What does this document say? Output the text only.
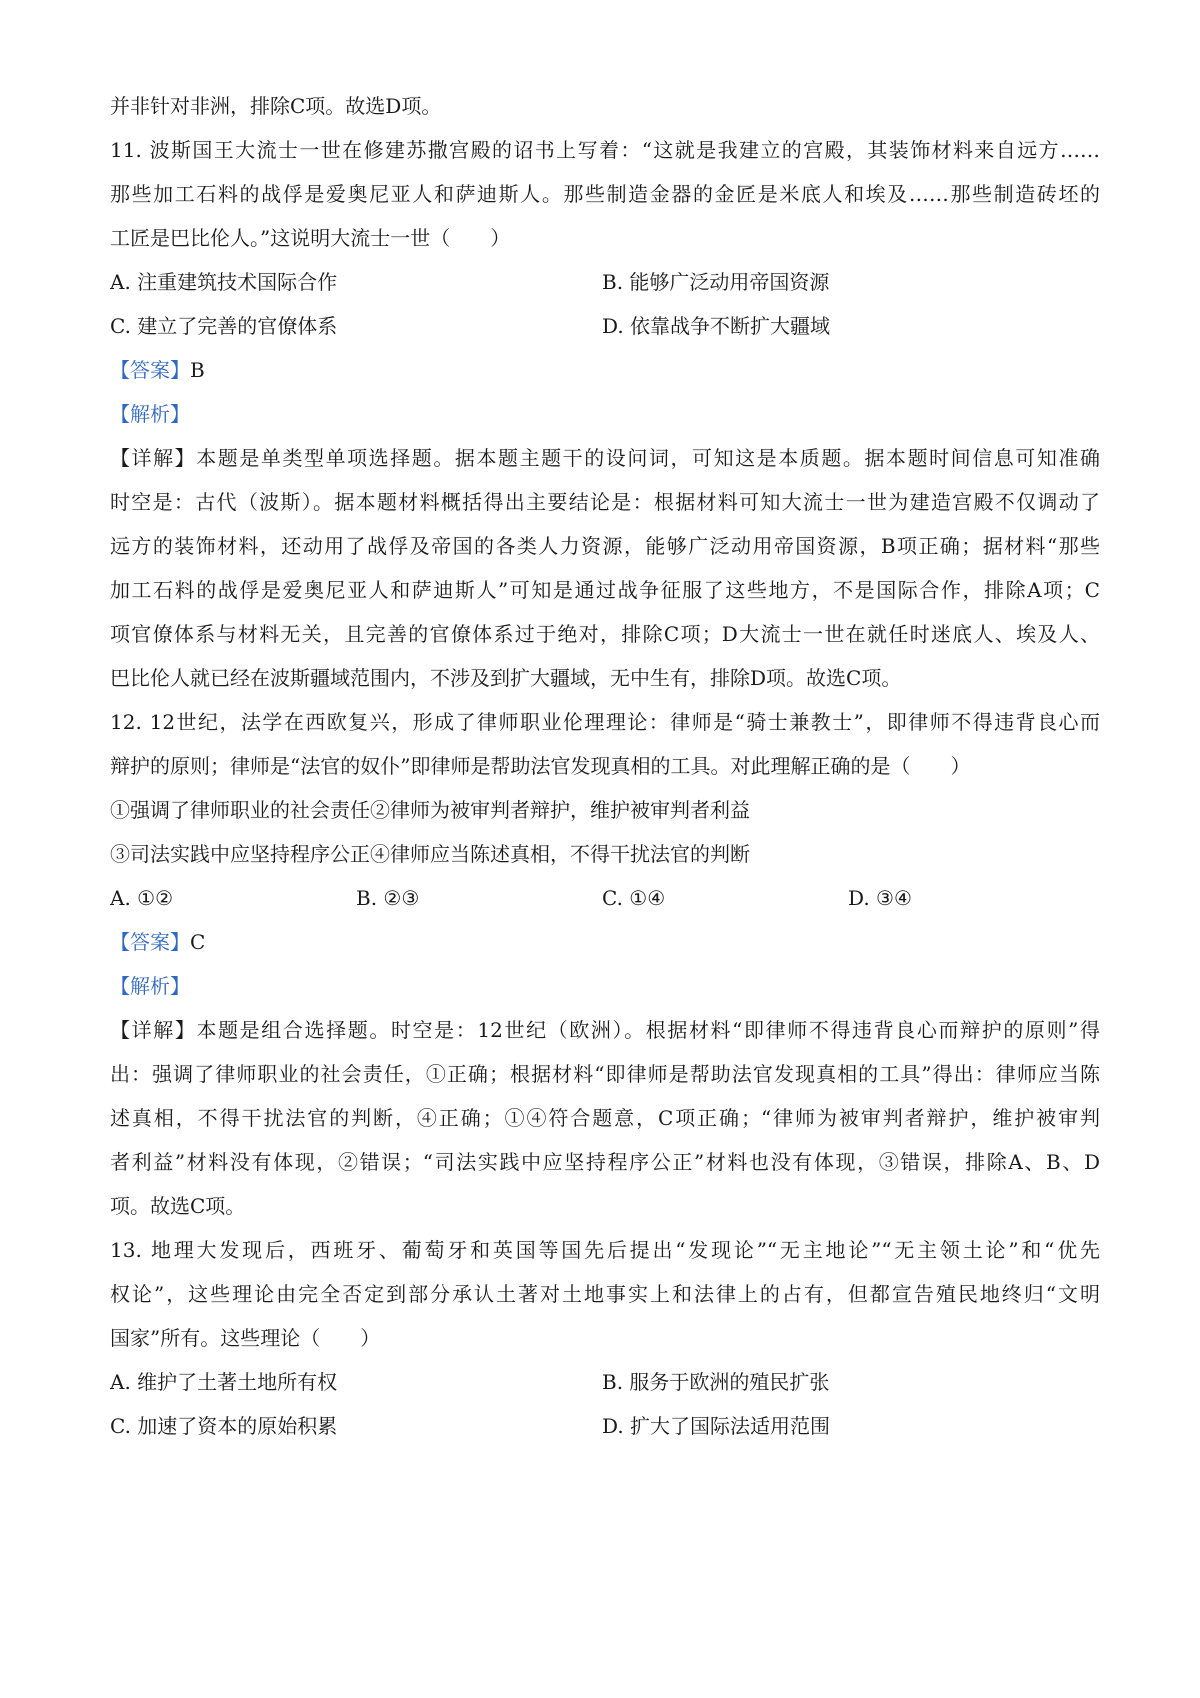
并非针对非洲，排除C项。故选D项。
11. 波斯国王大流士一世在修建苏撒宫殿的诏书上写着：“这就是我建立的宫殿，其装饰材料来自远方……
那些加工石料的战俘是爱奥尼亚人和萨迪斯人。那些制造金器的金匠是米底人和埃及……那些制造砖坯的
工匠是巴比伦人。”这说明大流士一世（　　）
A. 注重建筑技术国际合作	B. 能够广泛动用帝国资源
C. 建立了完善的官僚体系	D. 依靠战争不断扩大疆域
【答案】B
【解析】
【详解】本题是单类型单项选择题。据本题主题干的设问词，可知这是本质题。据本题时间信息可知准确
时空是：古代（波斯）。据本题材料概括得出主要结论是：根据材料可知大流士一世为建造宫殿不仅调动了
远方的装饰材料，还动用了战俘及帝国的各类人力资源，能够广泛动用帝国资源，B项正确；据材料“那些
加工石料的战俘是爱奥尼亚人和萨迪斯人”可知是通过战争征服了这些地方，不是国际合作，排除A项；C
项官僚体系与材料无关，且完善的官僚体系过于绝对，排除C项；D大流士一世在就任时迷底人、埃及人、
巴比伦人就已经在波斯疆域范围内，不涉及到扩大疆域，无中生有，排除D项。故选C项。
12. 12世纪，法学在西欧复兴，形成了律师职业伦理理论：律师是“骑士兼教士”，即律师不得违背良心而
辩护的原则；律师是“法官的奴仆”即律师是帮助法官发现真相的工具。对此理解正确的是（　　）
①强调了律师职业的社会责任②律师为被审判者辩护，维护被审判者利益
③司法实践中应坚持程序公正④律师应当陈述真相，不得干扰法官的判断
A. ①②	B. ②③	C. ①④	D. ③④
【答案】C
【解析】
【详解】本题是组合选择题。时空是：12世纪（欧洲）。根据材料“即律师不得违背良心而辩护的原则”得
出：强调了律师职业的社会责任，①正确；根据材料“即律师是帮助法官发现真相的工具”得出：律师应当陈
述真相，不得干扰法官的判断，④正确；①④符合题意，C项正确；“律师为被审判者辩护，维护被审判
者利益”材料没有体现，②错误；“司法实践中应坚持程序公正”材料也没有体现，③错误，排除A、B、D
项。故选C项。
13. 地理大发现后，西班牙、葡萄牙和英国等国先后提出“发现论”“无主地论”“无主领土论”和“优先
权论”，这些理论由完全否定到部分承认土著对土地事实上和法律上的占有，但都宣告殖民地终归“文明
国家”所有。这些理论（　　）
A. 维护了土著土地所有权	B. 服务于欧洲的殖民扩张
C. 加速了资本的原始积累	D. 扩大了国际法适用范围
